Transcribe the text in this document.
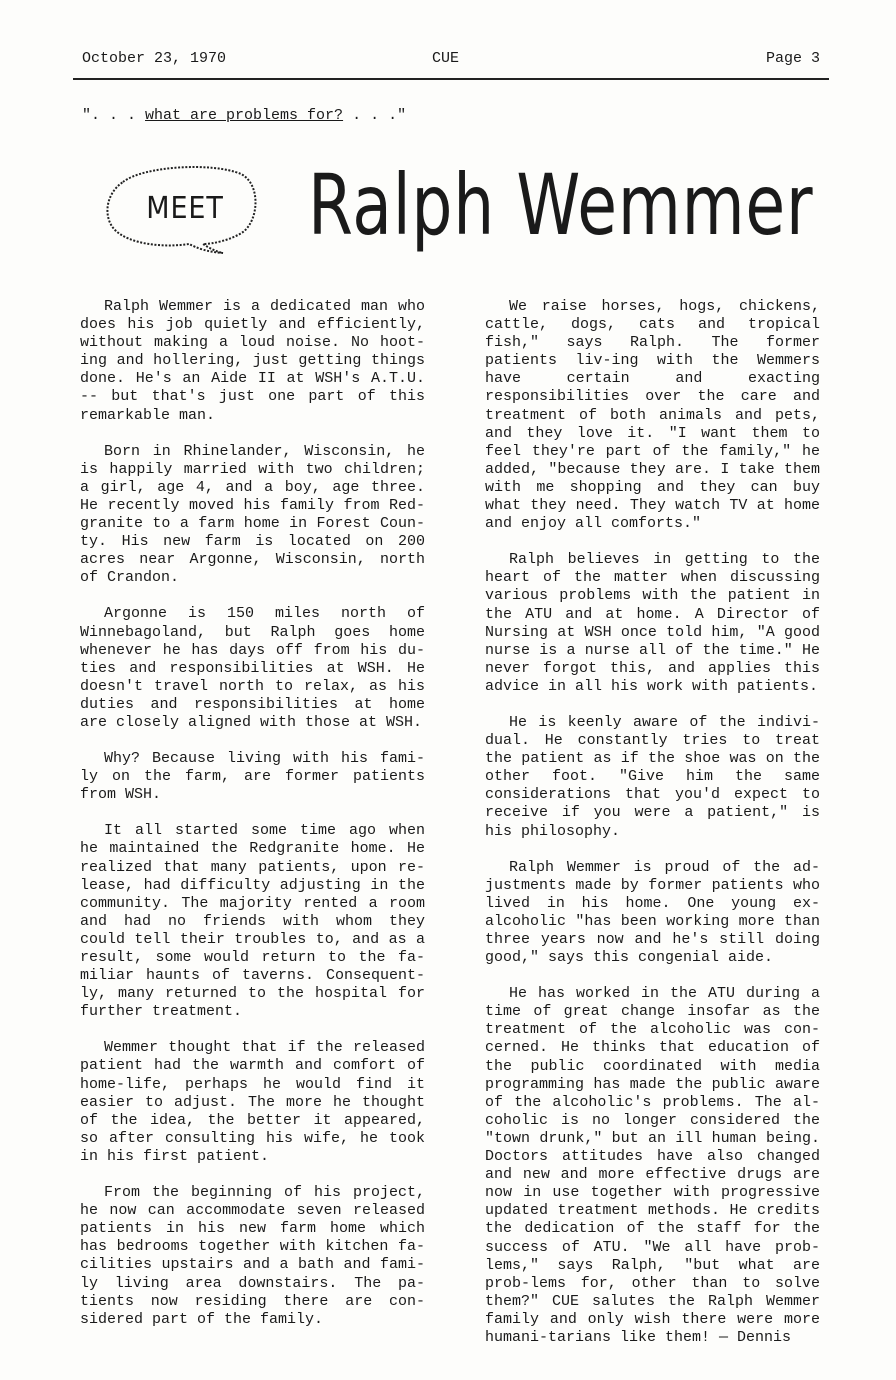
October 23, 1970	CUE	Page 3
". . . what are problems for? . . ."
MEET Ralph Wemmer

Ralph Wemmer is a dedicated man who does his job quietly and efficiently, without making a loud noise. No hoot-ing and hollering, just getting things done. He's an Aide II at WSH's A.T.U. -- but that's just one part of this remarkable man.

Born in Rhinelander, Wisconsin, he is happily married with two children; a girl, age 4, and a boy, age three. He recently moved his family from Red-granite to a farm home in Forest Coun-ty. His new farm is located on 200 acres near Argonne, Wisconsin, north of Crandon.

Argonne is 150 miles north of Winnebagoland, but Ralph goes home whenever he has days off from his du-ties and responsibilities at WSH. He doesn't travel north to relax, as his duties and responsibilities at home are closely aligned with those at WSH.

Why? Because living with his fami-ly on the farm, are former patients from WSH.

It all started some time ago when he maintained the Redgranite home. He realized that many patients, upon re-lease, had difficulty adjusting in the community. The majority rented a room and had no friends with whom they could tell their troubles to, and as a result, some would return to the fa-miliar haunts of taverns. Consequent-ly, many returned to the hospital for further treatment.

Wemmer thought that if the released patient had the warmth and comfort of home-life, perhaps he would find it easier to adjust. The more he thought of the idea, the better it appeared, so after consulting his wife, he took in his first patient.

From the beginning of his project, he now can accommodate seven released patients in his new farm home which has bedrooms together with kitchen fa-cilities upstairs and a bath and fami-ly living area downstairs. The pa-tients now residing there are con-sidered part of the family.

We raise horses, hogs, chickens, cattle, dogs, cats and tropical fish," says Ralph. The former patients liv-ing with the Wemmers have certain and exacting responsibilities over the care and treatment of both animals and pets, and they love it. "I want them to feel they're part of the family," he added, "because they are. I take them with me shopping and they can buy what they need. They watch TV at home and enjoy all comforts."

Ralph believes in getting to the heart of the matter when discussing various problems with the patient in the ATU and at home. A Director of Nursing at WSH once told him, "A good nurse is a nurse all of the time." He never forgot this, and applies this advice in all his work with patients.

He is keenly aware of the indivi-dual. He constantly tries to treat the patient as if the shoe was on the other foot. "Give him the same considerations that you'd expect to receive if you were a patient," is his philosophy.

Ralph Wemmer is proud of the ad-justments made by former patients who lived in his home. One young ex-alcoholic "has been working more than three years now and he's still doing good," says this congenial aide.

He has worked in the ATU during a time of great change insofar as the treatment of the alcoholic was con-cerned. He thinks that education of the public coordinated with media programming has made the public aware of the alcoholic's problems. The al-coholic is no longer considered the "town drunk," but an ill human being. Doctors attitudes have also changed and new and more effective drugs are now in use together with progressive updated treatment methods. He credits the dedication of the staff for the success of ATU. "We all have prob-lems," says Ralph, "but what are prob-lems for, other than to solve them?" CUE salutes the Ralph Wemmer family and only wish there were more humani-tarians like them! — Dennis
